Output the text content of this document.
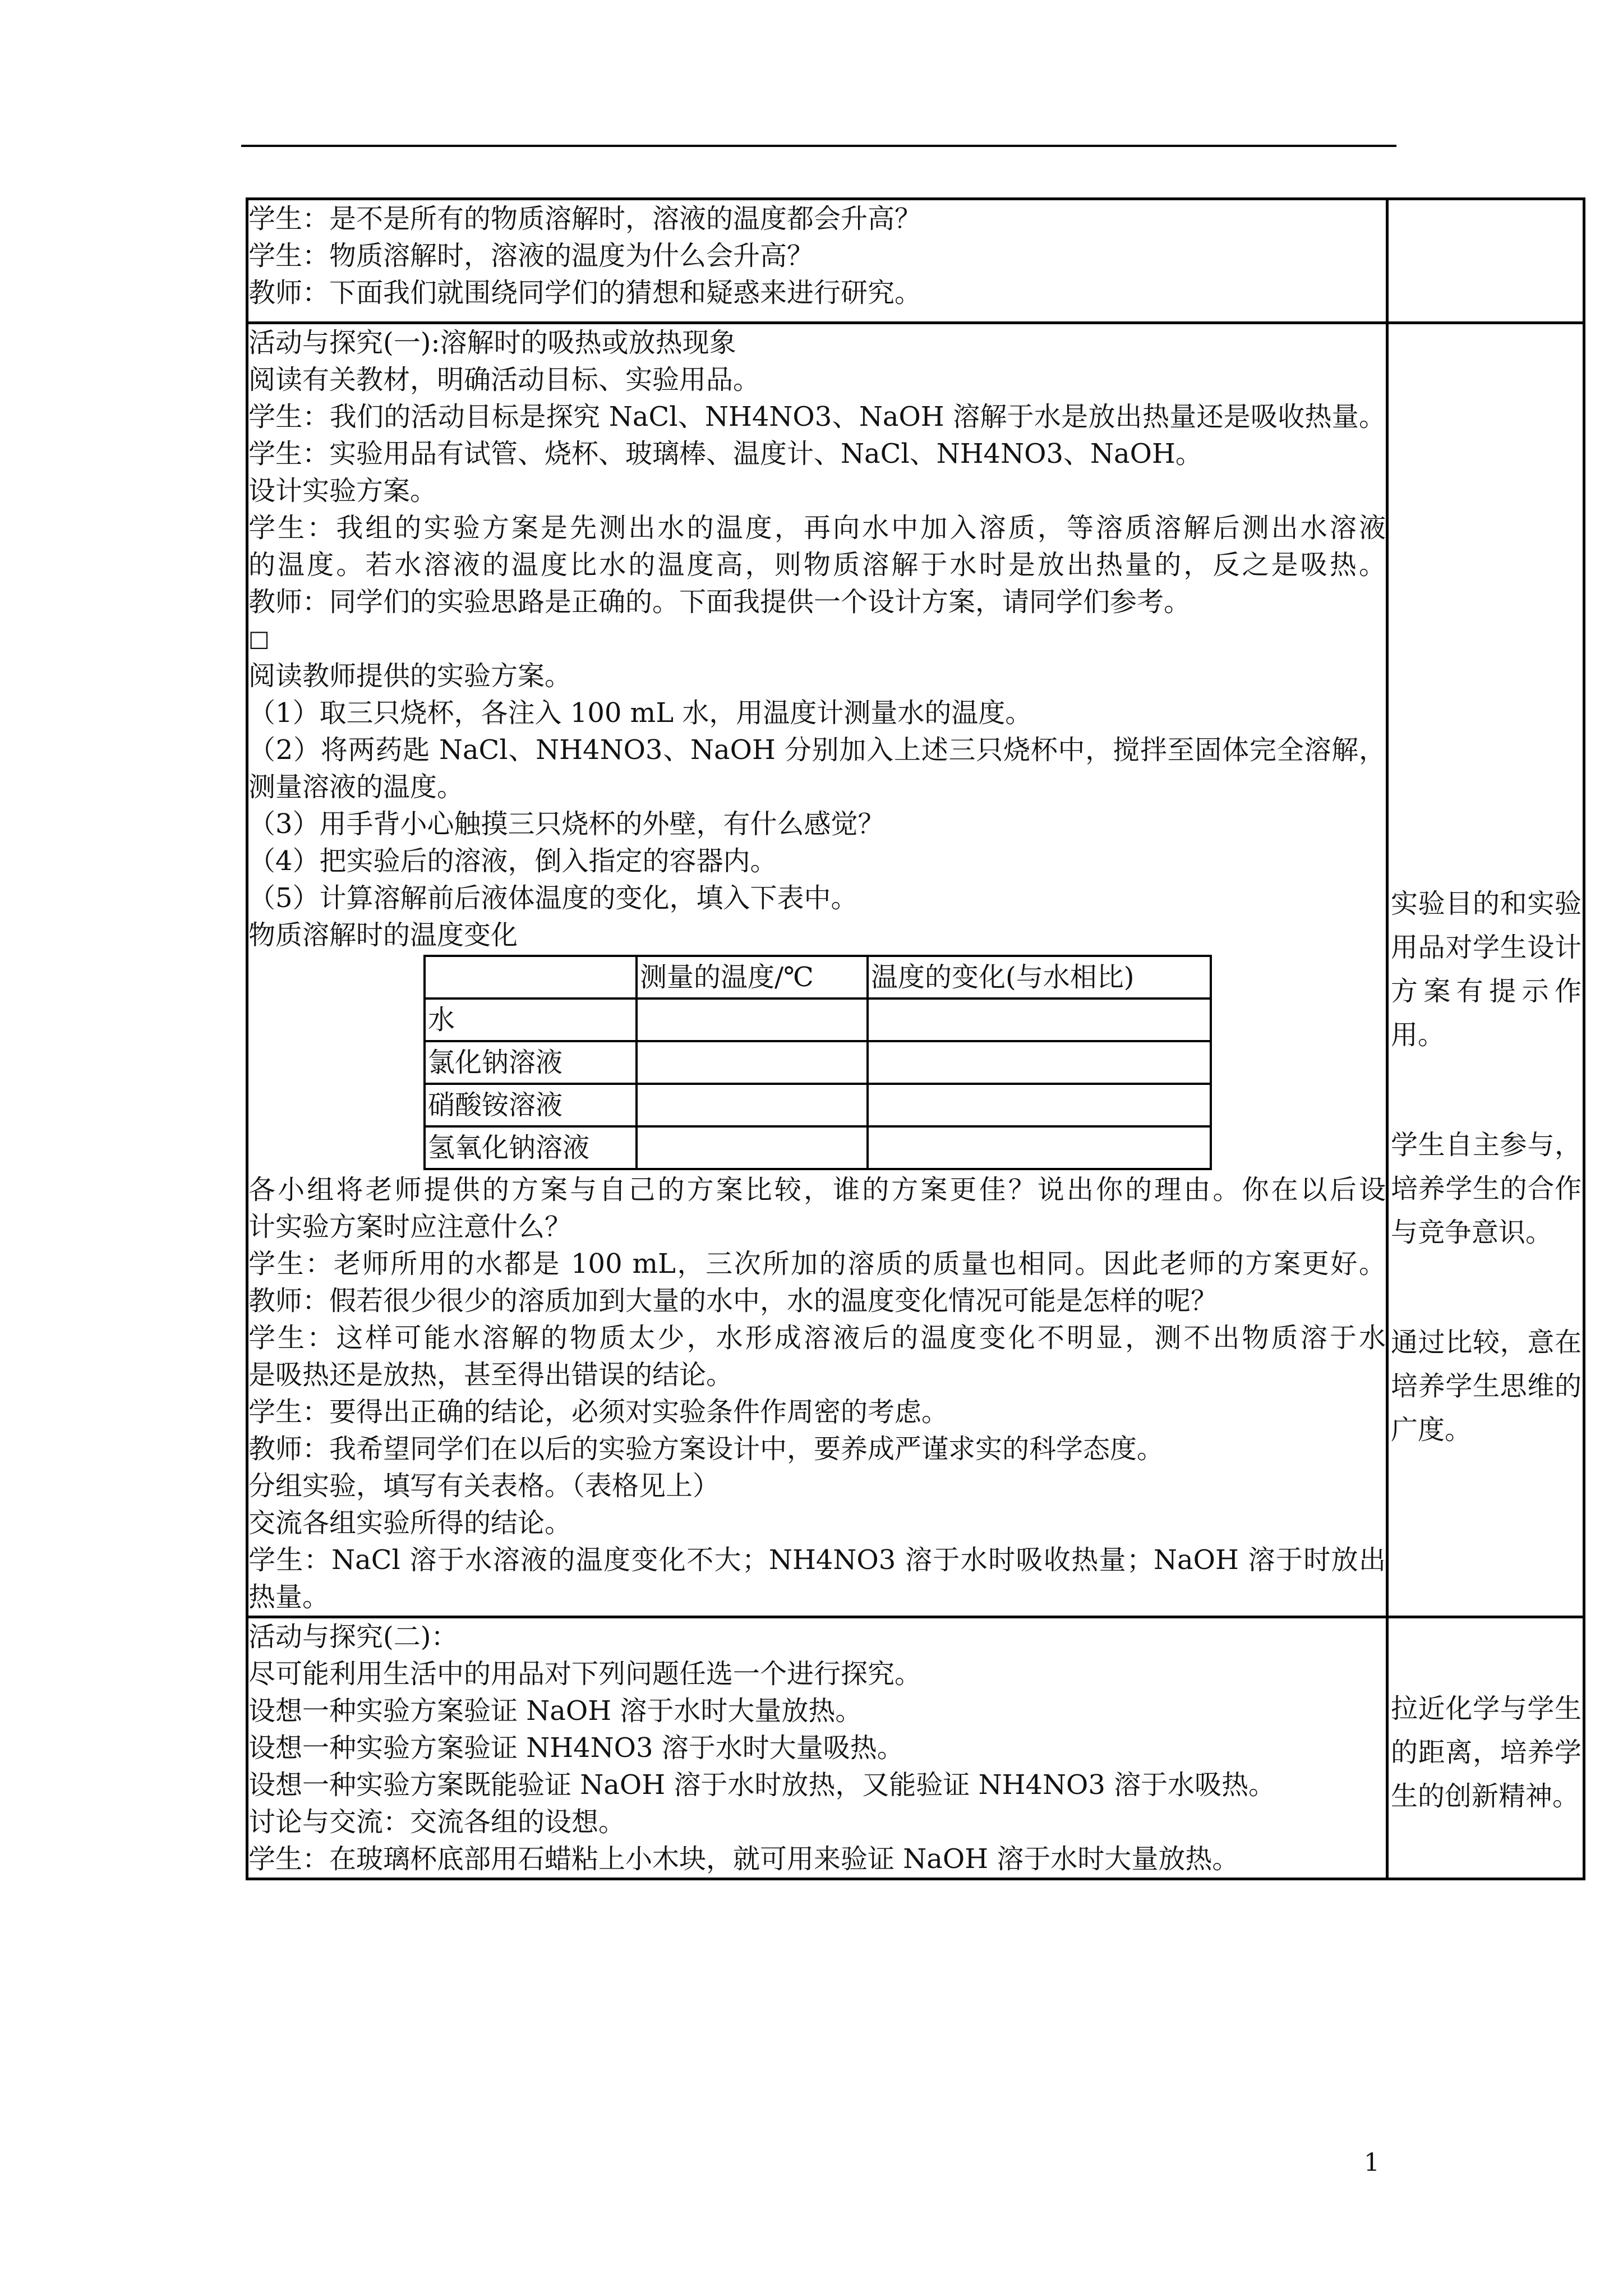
学生：是不是所有的物质溶解时，溶液的温度都会升高？
学生：物质溶解时，溶液的温度为什么会升高？
教师：下面我们就围绕同学们的猜想和疑惑来进行研究。

活动与探究(一):溶解时的吸热或放热现象
阅读有关教材，明确活动目标、实验用品。
学生：我们的活动目标是探究 NaCl、NH4NO3、NaOH 溶解于水是放出热量还是吸收热量。
学生：实验用品有试管、烧杯、玻璃棒、温度计、NaCl、NH4NO3、NaOH。
设计实验方案。
学生：我组的实验方案是先测出水的温度，再向水中加入溶质，等溶质溶解后测出水溶液
的温度。若水溶液的温度比水的温度高，则物质溶解于水时是放出热量的，反之是吸热。
教师：同学们的实验思路是正确的。下面我提供一个设计方案，请同学们参考。
□
阅读教师提供的实验方案。
（1）取三只烧杯，各注入 100 mL 水，用温度计测量水的温度。
（2）将两药匙 NaCl、NH4NO3、NaOH 分别加入上述三只烧杯中，搅拌至固体完全溶解，
测量溶液的温度。
（3）用手背小心触摸三只烧杯的外壁，有什么感觉？
（4）把实验后的溶液，倒入指定的容器内。
（5）计算溶解前后液体温度的变化，填入下表中。
物质溶解时的温度变化
	测量的温度/℃	温度的变化(与水相比)
水		
氯化钠溶液		
硝酸铵溶液		
氢氧化钠溶液		
各小组将老师提供的方案与自己的方案比较，谁的方案更佳？说出你的理由。你在以后设
计实验方案时应注意什么？
学生：老师所用的水都是 100 mL，三次所加的溶质的质量也相同。因此老师的方案更好。
教师：假若很少很少的溶质加到大量的水中，水的温度变化情况可能是怎样的呢？
学生：这样可能水溶解的物质太少，水形成溶液后的温度变化不明显，测不出物质溶于水
是吸热还是放热，甚至得出错误的结论。
学生：要得出正确的结论，必须对实验条件作周密的考虑。
教师：我希望同学们在以后的实验方案设计中，要养成严谨求实的科学态度。
分组实验，填写有关表格。（表格见上）
交流各组实验所得的结论。
学生：NaCl 溶于水溶液的温度变化不大；NH4NO3 溶于水时吸收热量；NaOH 溶于时放出
热量。

实验目的和实验用品对学生设计方案有提示作用。
学生自主参与，培养学生的合作与竞争意识。
通过比较，意在培养学生思维的广度。

活动与探究(二)：
尽可能利用生活中的用品对下列问题任选一个进行探究。
设想一种实验方案验证 NaOH 溶于水时大量放热。
设想一种实验方案验证 NH4NO3 溶于水时大量吸热。
设想一种实验方案既能验证 NaOH 溶于水时放热，又能验证 NH4NO3 溶于水吸热。
讨论与交流：交流各组的设想。
学生：在玻璃杯底部用石蜡粘上小木块，就可用来验证 NaOH 溶于水时大量放热。

拉近化学与学生的距离，培养学生的创新精神。
1
